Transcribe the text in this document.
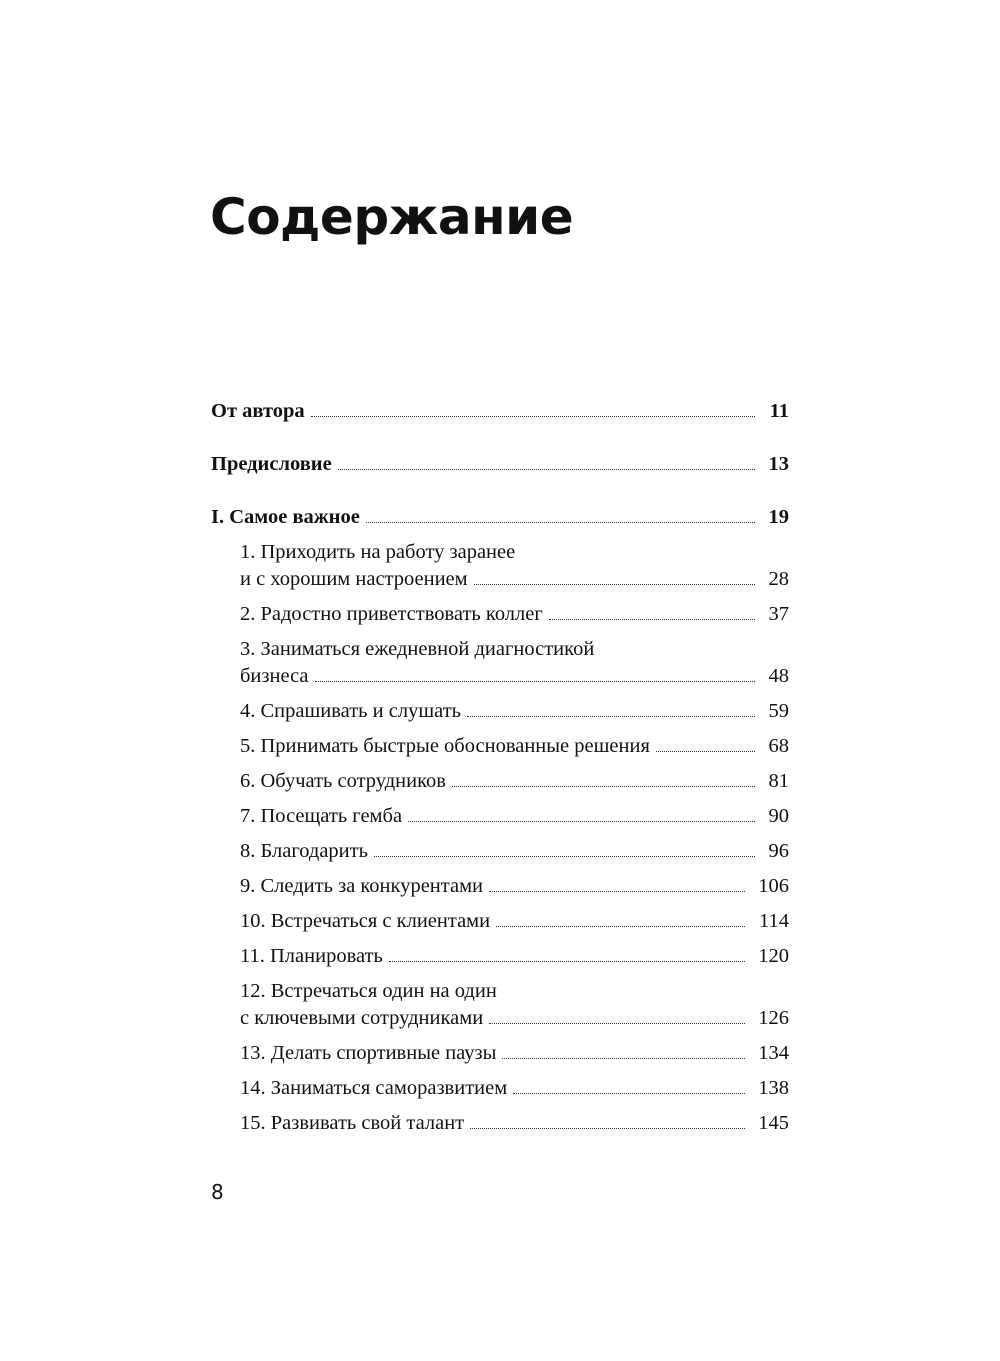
Содержание
От автора	11
Предисловие	13
I. Самое важное	19
1. Приходить на работу заранее
и с хорошим настроением	28
2. Радостно приветствовать коллег	37
3. Заниматься ежедневной диагностикой
бизнеса	48
4. Спрашивать и слушать	59
5. Принимать быстрые обоснованные решения	68
6. Обучать сотрудников	81
7. Посещать гемба	90
8. Благодарить	96
9. Следить за конкурентами	106
10. Встречаться с клиентами	114
11. Планировать	120
12. Встречаться один на один
с ключевыми сотрудниками	126
13. Делать спортивные паузы	134
14. Заниматься саморазвитием	138
15. Развивать свой талант	145
8
